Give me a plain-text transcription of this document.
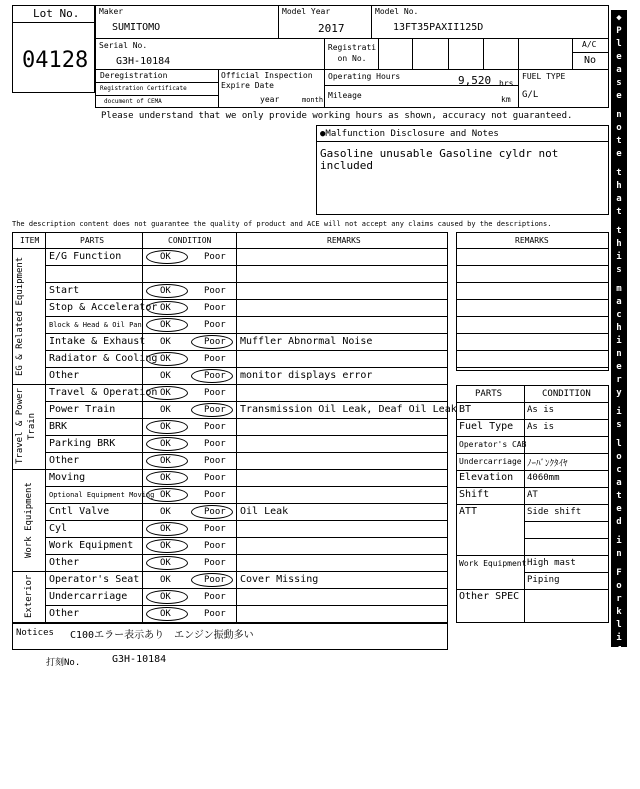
Lot No.
04128
Maker
SUMITOMO
Model Year
2017
Model No.
13FT35PAXII125D
Serial No.
G3H-10184
Registrati on No.
A/C
No
Deregistration
Registration Certificate
document of CEMA
Official Inspection Expire Date
year	month
Operating Hours	9,520 hrs
Mileage	km
FUEL TYPE
G/L
Please understand that we only provide working hours as shown, accuracy not guaranteed.
●Malfunction Disclosure and Notes
Gasoline unusable Gasoline cyldr not included
The description content does not guarantee the quality of product and ACE will not accept any claims caused by the descriptions.
ITEM	PARTS	CONDITION	REMARKS
E/G Function	OK	Poor
Start	OK	Poor
Stop & Accelerator OK	Poor
Block & Head & Oil Pan OK	Poor
Intake & Exhaust OK	Poor Muffler Abnormal Noise
Radiator & Cooling OK	Poor
Other	OK	Poor monitor displays error
EG & Related Equipment
Travel & Operation OK	Poor
Power Train	OK	Poor Transmission Oil Leak, Deaf Oil Leak
BRK	OK	Poor
Parking BRK	OK	Poor
Other	OK	Poor
Travel & Power Train
Moving	OK	Poor
Optional Equipment Moving OK	Poor
Cntl Valve	OK	Poor Oil Leak
Cyl	OK	Poor
Work Equipment	OK	Poor
Other	OK	Poor
Work Equipment
Operator's Seat OK	Poor Cover Missing
Undercarriage	OK	Poor
Other	OK	Poor
Exterior
REMARKS
PARTS	CONDITION
BT	As is
Fuel Type As is
Operator's CAB
Undercarriage ﾉｰﾊﾞﾝｸﾀｲﾔ
Elevation 4060mm
Shift	AT
ATT	Side shift
Work Equipment High mast
Piping
Other SPEC
Notices C100エラー表示あり　エンジン振動多い
打刻No.	G3H-10184
◆
P
l
e
a
s
e
n
o
t
e
t
h
a
t
t
h
i
s
m
a
c
h
i
n
e
r
y
i
s
l
o
c
a
t
e
d
i
n
F
o
r
k
l
i
f
t
P
a
r
k
i
n
g
◆
◇
